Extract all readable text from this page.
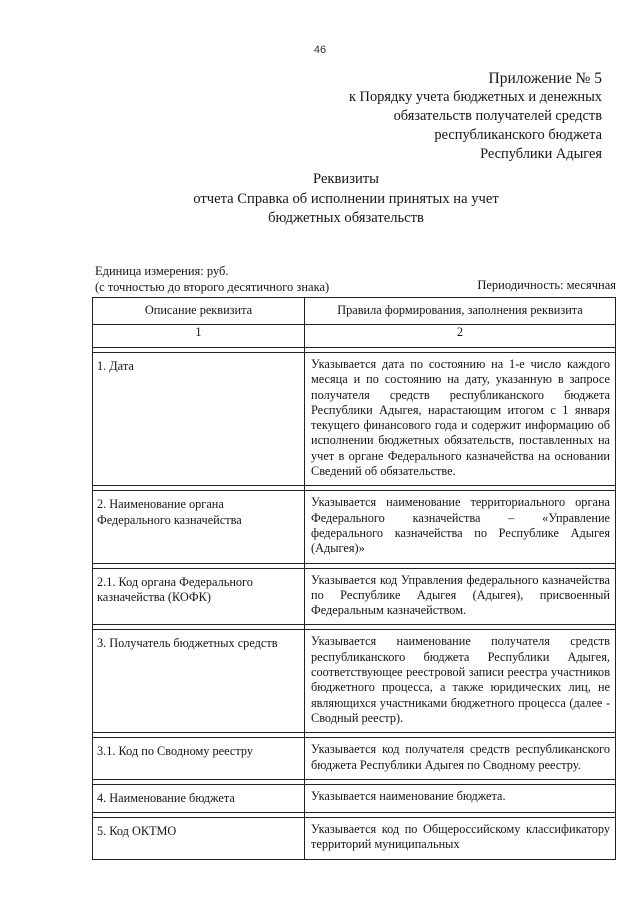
46
Приложение № 5
к Порядку учета бюджетных и денежных
обязательств получателей средств
республиканского бюджета
Республики Адыгея
Реквизиты
отчета Справка об исполнении принятых на учет
бюджетных обязательств
Единица измерения: руб.
(с точностью до второго десятичного знака)	Периодичность: месячная
Описание реквизита	Правила формирования, заполнения реквизита
1	2

1. Дата	Указывается дата по состоянию на 1-е число каждого месяца и по состоянию на дату, указанную в запросе получателя средств республиканского бюджета Республики Адыгея, нарастающим итогом с 1 января текущего финансового года и содержит информацию об исполнении бюджетных обязательств, поставленных на учет в органе Федерального казначейства на основании Сведений об обязательстве.

2. Наименование органа Федерального казначейства	Указывается наименование территориального органа Федерального казначейства – «Управление федерального казначейства по Республике Адыгея (Адыгея)»

2.1. Код органа Федерального казначейства (КОФК)	Указывается код Управления федерального казначейства по Республике Адыгея (Адыгея), присвоенный Федеральным казначейством.

3. Получатель бюджетных средств	Указывается наименование получателя средств республиканского бюджета Республики Адыгея, соответствующее реестровой записи реестра участников бюджетного процесса, а также юридических лиц, не являющихся участниками бюджетного процесса (далее - Сводный реестр).

3.1. Код по Сводному реестру	Указывается код получателя средств республиканского бюджета Республики Адыгея по Сводному реестру.

4. Наименование бюджета	Указывается наименование бюджета.

5. Код ОКТМО	Указывается код по Общероссийскому классификатору территорий муниципальных
